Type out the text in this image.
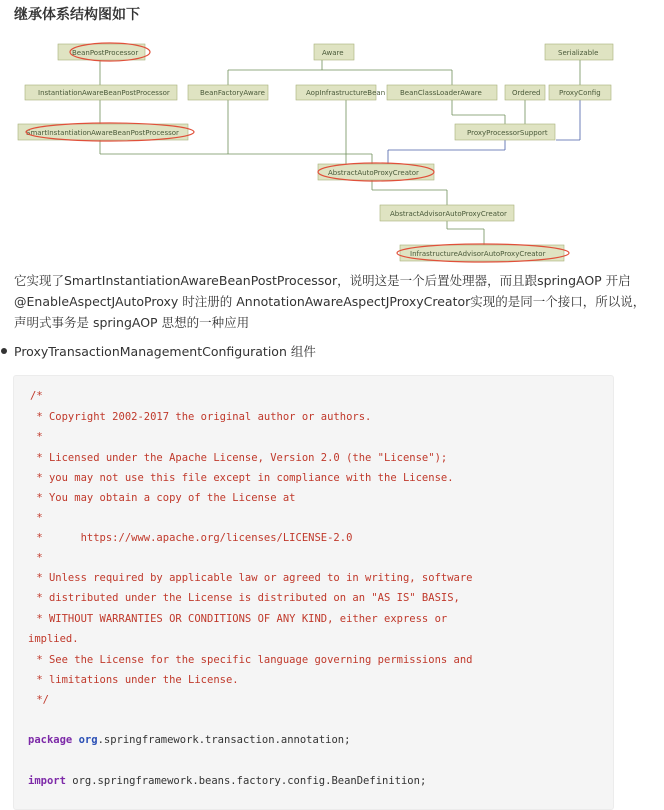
继承体系结构图如下
BeanPostProcessor	Aware	Serializable
InstantiationAwareBeanPostProcessor	BeanFactoryAware	AopInfrastructureBean BeanClassLoaderAware	Ordered	ProxyConfig
SmartInstantiationAwareBeanPostProcessor	ProxyProcessorSupport
AbstractAutoProxyCreator
AbstractAdvisorAutoProxyCreator
InfrastructureAdvisorAutoProxyCreator

它实现了SmartInstantiationAwareBeanPostProcessor，说明这是一个后置处理器，而且跟springAOP 开启@EnableAspectJAutoProxy 时注册的 AnnotationAwareAspectJProxyCreator实现的是同一个接口，所以说，声明式事务是 springAOP 思想的一种应用

ProxyTransactionManagementConfiguration 组件
/*
* Copyright 2002-2017 the original author or authors.
*
* Licensed under the Apache License, Version 2.0 (the "License");
* you may not use this file except in compliance with the License.
* You may obtain a copy of the License at
*
*      https://www.apache.org/licenses/LICENSE-2.0
*
* Unless required by applicable law or agreed to in writing, software
* distributed under the License is distributed on an "AS IS" BASIS,
* WITHOUT WARRANTIES OR CONDITIONS OF ANY KIND, either express or
implied.
* See the License for the specific language governing permissions and
* limitations under the License.
*/
package org.springframework.transaction.annotation;
import org.springframework.beans.factory.config.BeanDefinition;
